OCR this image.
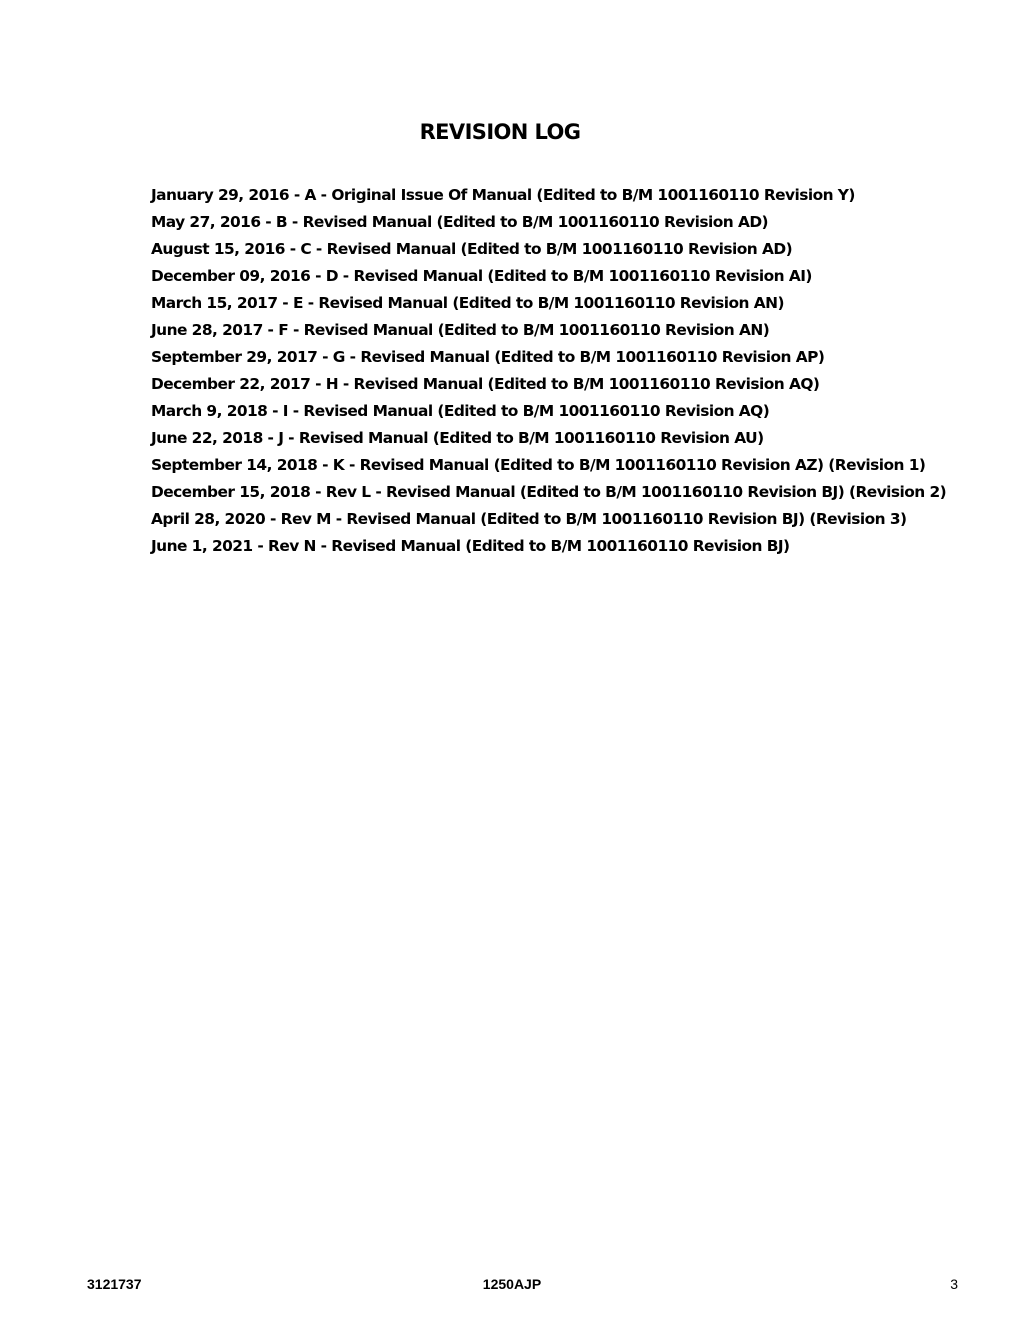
REVISION LOG
January 29, 2016 - A - Original Issue Of Manual (Edited to B/M 1001160110 Revision Y)
May 27, 2016 - B - Revised Manual (Edited to B/M 1001160110 Revision AD)
August 15, 2016 - C - Revised Manual (Edited to B/M 1001160110 Revision AD)
December 09, 2016 - D - Revised Manual (Edited to B/M 1001160110 Revision AI)
March 15, 2017 - E - Revised Manual (Edited to B/M 1001160110 Revision AN)
June 28, 2017 - F - Revised Manual (Edited to B/M 1001160110 Revision AN)
September 29, 2017 - G - Revised Manual (Edited to B/M 1001160110 Revision AP)
December 22, 2017 - H - Revised Manual (Edited to B/M 1001160110 Revision AQ)
March 9, 2018 - I - Revised Manual (Edited to B/M 1001160110 Revision AQ)
June 22, 2018 - J - Revised Manual (Edited to B/M 1001160110 Revision AU)
September 14, 2018 - K - Revised Manual (Edited to B/M 1001160110 Revision AZ) (Revision 1)
December 15, 2018 - Rev L - Revised Manual (Edited to B/M 1001160110 Revision BJ) (Revision 2)
April 28, 2020 - Rev M - Revised Manual (Edited to B/M 1001160110 Revision BJ) (Revision 3)
June 1, 2021 - Rev N - Revised Manual (Edited to B/M 1001160110 Revision BJ)
3121737	1250AJP	3
